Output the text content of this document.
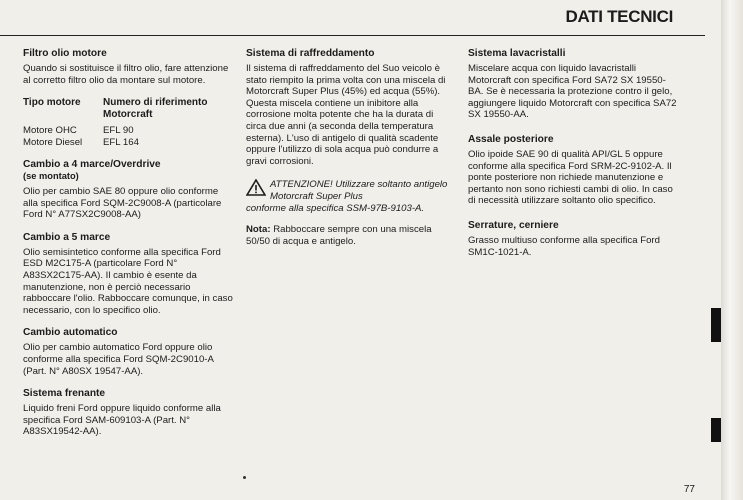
DATI TECNICI
Filtro olio motore

Quando si sostituisce il filtro olio, fare attenzione al corretto filtro olio da montare sul motore.

Tipo motore	Numero di riferimento Motorcraft
Motore OHC	EFL 90
Motore Diesel	EFL 164
Cambio a 4 marce/Overdrive
(se montato)

Olio per cambio SAE 80 oppure olio conforme alla specifica Ford SQM-2C9008-A (particolare Ford N° A77SX2C9008-AA)

Cambio a 5 marce

Olio semisintetico conforme alla specifica Ford ESD M2C175-A (particolare Ford N° A83SX2C175-AA). Il cambio è esente da manutenzione, non è perciò necessario rabboccare l'olio. Rabboccare comunque, in caso necessario, con lo specifico olio.

Cambio automatico

Olio per cambio automatico Ford oppure olio conforme alla specifica Ford SQM-2C9010-A (Part. N° A80SX 19547-AA).

Sistema frenante

Liquido freni Ford oppure liquido conforme alla specifica Ford SAM-609103-A (Part. N° A83SX19542-AA).

Sistema di raffreddamento

Il sistema di raffreddamento del Suo veicolo è stato riempito la prima volta con una miscela di Motorcraft Super Plus (45%) ed acqua (55%). Questa miscela contiene un inibitore alla corrosione molta potente che ha la durata di circa due anni (a seconda della temperatura esterna). L'uso di antigelo di qualità scadente oppure l'utilizzo di sola acqua può condurre a gravi corrosioni.

ATTENZIONE! Utilizzare soltanto antigelo Motorcraft Super Plus
conforme alla specifica SSM-97B-9103-A.

Nota: Rabboccare sempre con una miscela 50/50 di acqua e antigelo.

Sistema lavacristalli

Miscelare acqua con liquido lavacristalli Motorcraft con specifica Ford SA72 SX 19550-BA. Se è necessaria la protezione contro il gelo, aggiungere liquido Motorcraft con specifica SA72 SX 19550-AA.

Assale posteriore

Olio ipoide SAE 90 di qualità API/GL 5 oppure conforme alla specifica Ford SRM-2C-9102-A. Il ponte posteriore non richiede manutenzione e pertanto non sono richiesti cambi di olio. In caso di necessità utilizzare soltanto olio specifico.

Serrature, cerniere

Grasso multiuso conforme alla specifica Ford SM1C-1021-A.

77
